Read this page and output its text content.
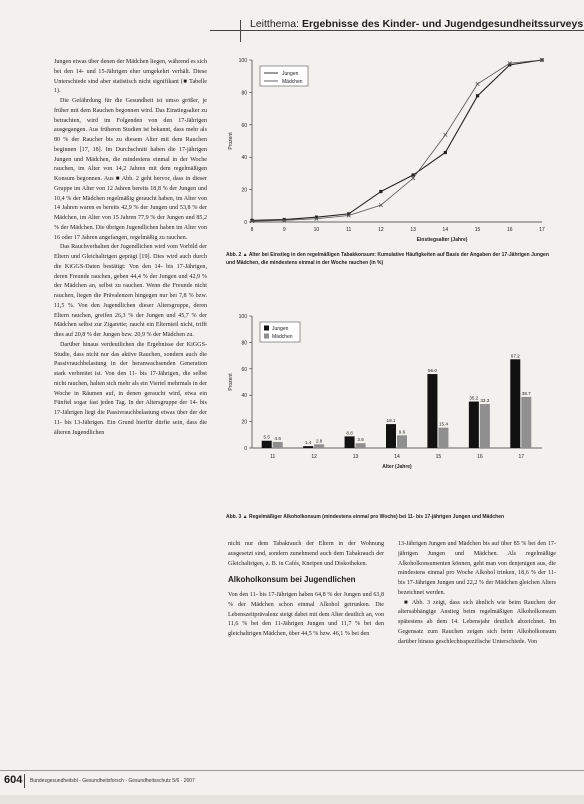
Leitthema: Ergebnisse des Kinder- und Jugendgesundheitssurveys

Jungen etwas über denen der Mädchen liegen, während es sich bei den 14- und 15-Jährigen eher umgekehrt verhält. Diese Unterschiede sind aber statistisch nicht signifikant (■ Tabelle 1).

Die Gefährdung für die Gesundheit ist umso größer, je früher mit dem Rauchen begonnen wird. Das Einstiegsalter zu betrachten, wird im Folgenden von den 17-Jährigen ausgegangen. Aus früheren Studien ist bekannt, dass mehr als 80 % der Raucher bis zu diesem Alter mit dem Rauchen beginnen [17, 18]. Im Durchschnitt haben die 17-jährigen Jungen und Mädchen, die mindestens einmal in der Woche rauchen, im Alter von 14,2 Jahren mit dem regelmäßigen Konsum begonnen. Aus ■ Abb. 2 geht hervor, dass in dieser Gruppe im Alter von 12 Jahren bereits 18,8 % der Jungen und 10,4 % der Mädchen regelmäßig geraucht haben, im Alter von 14 Jahren waren es bereits 42,9 % der Jungen und 53,8 % der Mädchen, im Alter von 15 Jahren 77,9 % der Jungen und 85,2 % der Mädchen. Die übrigen Jugendlichen haben im Alter von 16 oder 17 Jahren angefangen, regelmäßig zu rauchen.

Das Rauchverhalten der Jugendlichen wird vom Vorbild der Eltern und Gleichaltrigen geprägt [19]. Dies wird auch durch die KiGGS-Daten bestätigt: Von den 14- bis 17-Jährigen, deren Freunde rauchen, geben 44,4 % der Jungen und 42,9 % der Mädchen an, selbst zu rauchen. Wenn die Freunde nicht rauchen, liegen die Prävalenzen hingegen nur bei 7,8 % bzw. 11,5 %. Von den Jugendlichen dieser Altersgruppe, deren Eltern rauchen, greifen 26,3 % der Jungen und 45,7 % der Mädchen selbst zur Zigarette; raucht ein Elternteil nicht, trifft dies auf 20,8 % der Jungen bzw. 20,9 % der Mädchen zu.

Darüber hinaus verdeutlichen die Ergebnisse der KiGGS-Studie, dass nicht nur das aktive Rauchen, sondern auch die Passivrauchbelastung in der heranwachsenden Generation stark verbreitet ist. Von den 11- bis 17-Jährigen, die selbst nicht rauchen, halten sich mehr als ein Viertel mehrmals in der Woche in Räumen auf, in denen geraucht wird, etwa ein Fünftel sogar fast jeden Tag. In der Altersgruppe der 14- bis 17-Jährigen liegt die Passivrauchbelastung etwas über der der 11- bis 13-Jährigen. Ein Grund hierfür dürfte sein, dass die älteren Jugendlichen

0
20
40
60
80
100
8	9	10	11	12	13	14	15	16	17
Einstiegsalter (Jahre)
Prozent
Jungen
Mädchen
Abb. 2 ▲ Alter bei Einstieg in den regelmäßigen Tabakkonsum: Kumulative Häufigkeiten auf Basis der Angaben der 17-Jährigen Jungen und Mädchen, die mindestens einmal in der Woche rauchen (in %)
0
20
40
60
80
100
Prozent
11
5.5 4.6
12
1.4 2.8
13
8.8
3.6
14
18.1
9.6
15
56.0
15.4
16
35.2
33.3
17
67.2
38.7
Alter (Jahre)
Jungen
Mädchen
Abb. 3 ▲ Regelmäßiger Alkoholkonsum (mindestens einmal pro Woche) bei 11- bis 17-jährigen Jungen und Mädchen

nicht nur dem Tabakrauch der Eltern in der Wohnung ausgesetzt sind, sondern zunehmend auch dem Tabakrauch der Gleichaltrigen, z. B. in Cafés, Kneipen und Diskotheken.

Alkoholkonsum bei Jugendlichen

Von den 11- bis 17-Jährigen haben 64,8 % der Jungen und 63,8 % der Mädchen schon einmal Alkohol getrunken. Die Lebenszeitprävalenz steigt dabei mit dem Alter deutlich an, von 11,6 % bei den 11-Jährigen Jungen und 11,7 % bei den gleichaltrigen Mädchen, über 44,5 % bzw. 46,1 % bei den

13-Jährigen Jungen und Mädchen bis auf über 85 % bei den 17-jährigen Jungen und Mädchen. Als regelmäßige Alkoholkonsumenten können, geht man von denjenigen aus, die mindestens einmal pro Woche Alkohol trinken, 18,6 % der 11- bis 17-Jährigen Jungen und 22,2 % der Mädchen gleichen Alters bezeichnet werden.

■ Abb. 3 zeigt, dass sich ähnlich wie beim Rauchen der altersabhängige Anstieg beim regelmäßigen Alkoholkonsum spätestens ab dem 14. Lebensjahr deutlich abzeichnet. Im Gegensatz zum Rauchen zeigen sich beim Alkoholkonsum darüber hinaus geschlechtsspezifische Unterschiede. Von

604 Bundesgesundheitsbl - Gesundheitsforsch - Gesundheitsschutz 5/6 · 2007
